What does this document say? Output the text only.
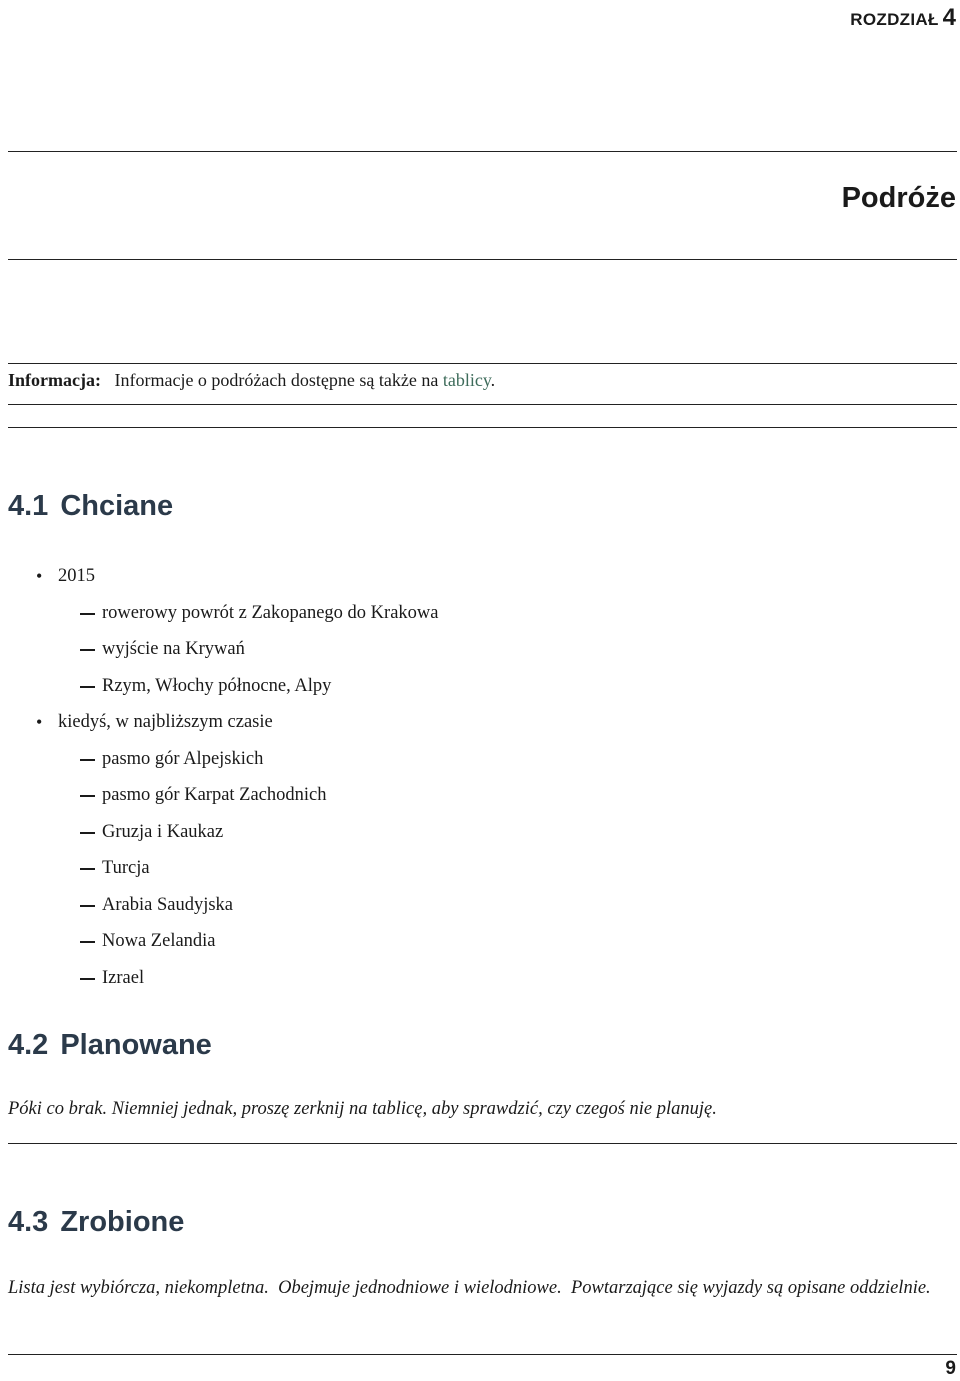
ROZDZIAŁ 4
Podróże
Informacja: Informacje o podróżach dostępne są także na tablicy.
4.1 Chciane
• 2015
rowerowy powrót z Zakopanego do Krakowa
wyjście na Krywań
Rzym, Włochy północne, Alpy
• kiedyś, w najbliższym czasie
pasmo gór Alpejskich
pasmo gór Karpat Zachodnich
Gruzja i Kaukaz
Turcja
Arabia Saudyjska
Nowa Zelandia
Izrael
4.2 Planowane
Póki co brak. Niemniej jednak, proszę zerknij na tablicę, aby sprawdzić, czy czegoś nie planuję.
4.3 Zrobione
Lista jest wybiórcza, niekompletna.  Obejmuje jednodniowe i wielodniowe.  Powtarzające się wyjazdy są opisane oddzielnie.
9
